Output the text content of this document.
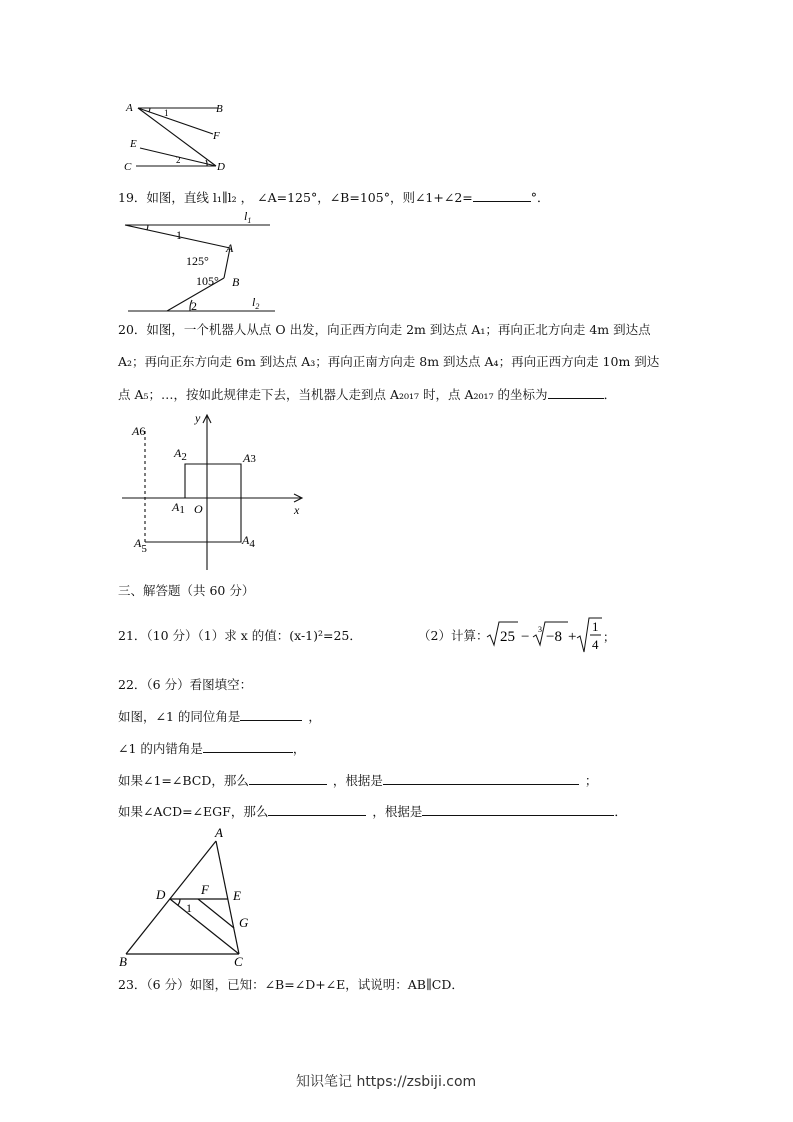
A	B
F
E
C	D
1
2
19．如图，直线 l₁∥l₂ ， ∠A=125°，∠B=105°，则∠1+∠2=	°．
$l_1$
A
B
$l_2$
1
125°
105°
2
20．如图，一个机器人从点 O 出发，向正西方向走 2m 到达点 A₁；再向正北方向走 4m 到达点
A₂；再向正东方向走 6m 到达点 A₃；再向正南方向走 8m 到达点 A₄；再向正西方向走 10m 到达
点 A₅；…，按如此规律走下去，当机器人走到点 A₂₀₁₇ 时，点 A₂₀₁₇ 的坐标为	．
y
x
O
A6
A2	A3
A1
A5
A4
三、解答题（共 60 分）
21．（10 分）（1）求 x 的值：(x-1)²=25．	（2）计算： 25 − 3 −8 +
1
4 ；
22．（6 分）看图填空：
如图，∠1 的同位角是	，
∠1 的内错角是	，
如果∠1=∠BCD，那么	，根据是	；
如果∠ACD=∠EGF，那么	，根据是	．
A
D	F E
G
B	C
1
23．（6 分）如图，已知：∠B=∠D+∠E，试说明：AB∥CD．
知识笔记 https://zsbiji.com
